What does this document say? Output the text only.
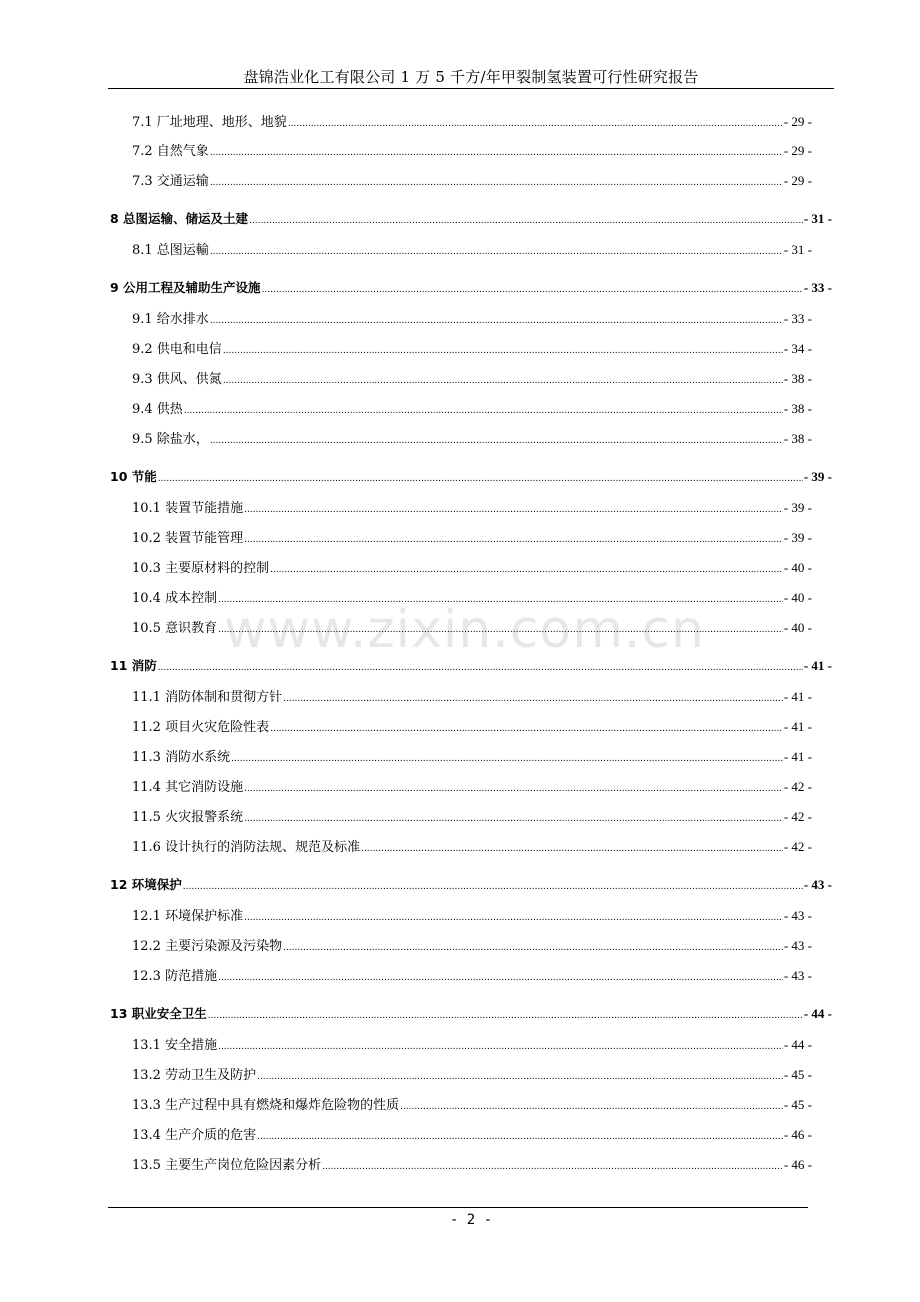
盘锦浩业化工有限公司 1 万 5 千方/年甲裂制氢装置可行性研究报告
www.zixin.com.cn
7.1 厂址地理、地形、地貌 .....	- 29 -
7.2 自然气象 .....	- 29 -
7.3 交通运输 .....	- 29 -
8 总图运输、储运及土建 .....	- 31 -
8.1 总图运輸 .....	- 31 -
9 公用工程及辅助生产设施 .....	- 33 -
9.1 给水排水 .....	- 33 -
9.2 供电和电信 .....	- 34 -
9.3 供风、供氮 .....	- 38 -
9.4 供热 .....	- 38 -
9.5 除盐水， .....	- 38 -
10 节能 .....	- 39 -
10.1 装置节能措施 .....	- 39 -
10.2 装置节能管理 .....	- 39 -
10.3 主要原材料的控制 .....	- 40 -
10.4 成本控制 .....	- 40 -
10.5 意识教育 .....	- 40 -
11 消防 .....	- 41 -
11.1 消防体制和贯彻方针 .....	- 41 -
11.2 项目火灾危险性表 .....	- 41 -
11.3 消防水系统 .....	- 41 -
11.4 其它消防设施 .....	- 42 -
11.5 火灾报警系统 .....	- 42 -
11.6 设计执行的消防法规、规范及标准 .....	- 42 -
12 环境保护 .....	- 43 -
12.1 环境保护标准 .....	- 43 -
12.2 主要污染源及污染物 .....	- 43 -
12.3 防范措施 .....	- 43 -
13 职业安全卫生 .....	- 44 -
13.1 安全措施 .....	- 44 -
13.2 劳动卫生及防护 .....	- 45 -
13.3 生产过程中具有燃烧和爆炸危险物的性质 .....	- 45 -
13.4 生产介质的危害 .....	- 46 -
13.5 主要生产岗位危险因素分析 .....	- 46 -
- 2 -
